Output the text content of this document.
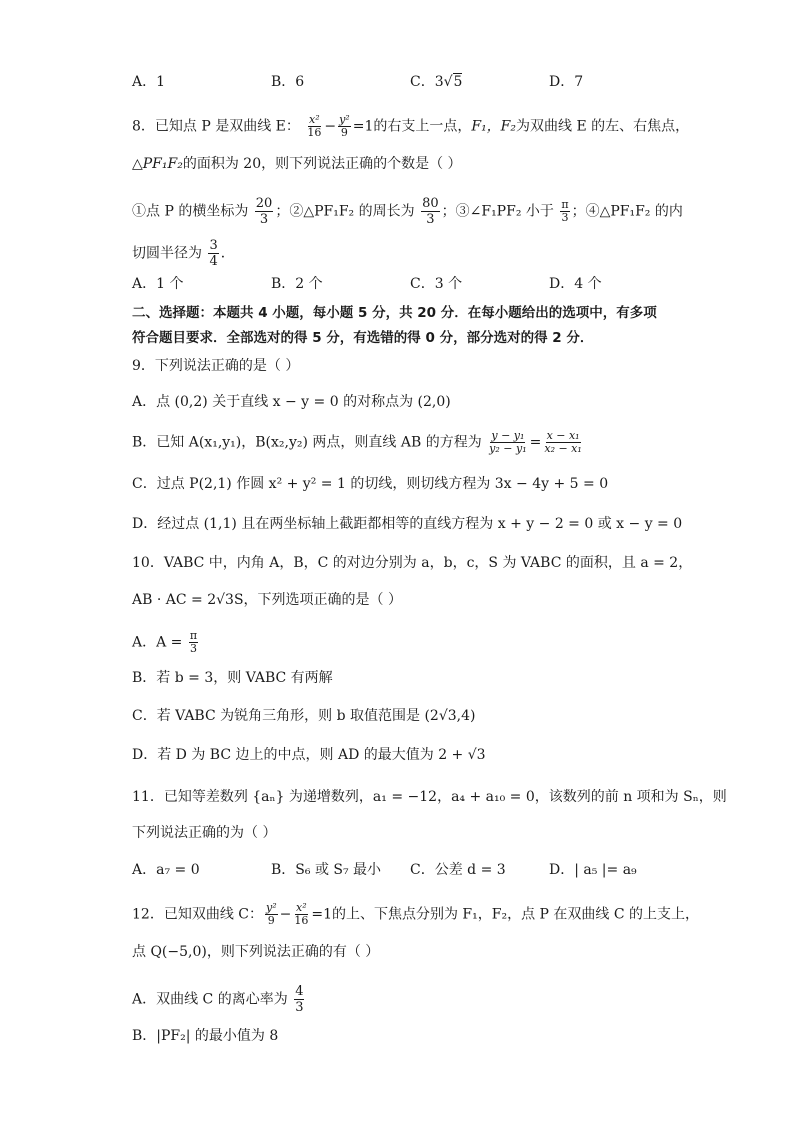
A．1	B．6	C．3√5	D．7
8．已知点 P 是双曲线 E： $\frac{\text{x²}}{16} - \frac{\text{y²}}{9} =1$的右支上一点，F₁，F₂为双曲线 E 的左、右焦点，
△PF₁F₂的面积为 20，则下列说法正确的个数是（ ）
①点 P 的横坐标为 $\frac{20}{3}$ ；②△PF₁F₂ 的周长为 $\frac{80}{3}$ ；③∠F₁PF₂ 小于 $\frac{\pi}{3}$ ；④△PF₁F₂ 的内
切圆半径为 $\frac{3}{4}$ ．
A．1 个	B．2 个	C．3 个	D．4 个
二、选择题：本题共 4 小题，每小题 5 分，共 20 分．在每小题给出的选项中，有多项
符合题目要求．全部选对的得 5 分，有选错的得 0 分，部分选对的得 2 分．
9．下列说法正确的是（ ）
A．点 (0,2) 关于直线 x − y = 0 的对称点为 (2,0)
B．已知 A(x₁,y₁)，B(x₂,y₂) 两点，则直线 AB 的方程为 $\frac{\text{y − y₁}}{\text{y₂ − y₁}} = \frac{\text{x − x₁}}{\text{x₂ − x₁}}$
C．过点 P(2,1) 作圆 x² + y² = 1 的切线，则切线方程为 3x − 4y + 5 = 0
D．经过点 (1,1) 且在两坐标轴上截距都相等的直线方程为 x + y − 2 = 0 或 x − y = 0
10．VABC 中，内角 A，B，C 的对边分别为 a，b，c，S 为 VABC 的面积，且 a = 2，
AB · AC = 2√3S，下列选项正确的是（ ）
A．$A = \frac{\pi}{3}$
B．若 b = 3，则 VABC 有两解
C．若 VABC 为锐角三角形，则 b 取值范围是 (2√3,4)
D．若 D 为 BC 边上的中点，则 AD 的最大值为 2 + √3
11．已知等差数列 {aₙ} 为递增数列，a₁ = −12，a₄ + a₁₀ = 0，该数列的前 n 项和为 Sₙ，则
下列说法正确的为（ ）
A．a₇ = 0	B．S₆ 或 S₇ 最小 C．公差 d = 3	D．| a₅ |= a₉
12．已知双曲线 C： $\frac{\text{y²}}{9} - \frac{\text{x²}}{16} =1$的上、下焦点分别为 F₁，F₂，点 P 在双曲线 C 的上支上，
点 Q(−5,0)，则下列说法正确的有（ ）
A．双曲线 C 的离心率为 $\frac{4}{3}$
B．|PF₂| 的最小值为 8
